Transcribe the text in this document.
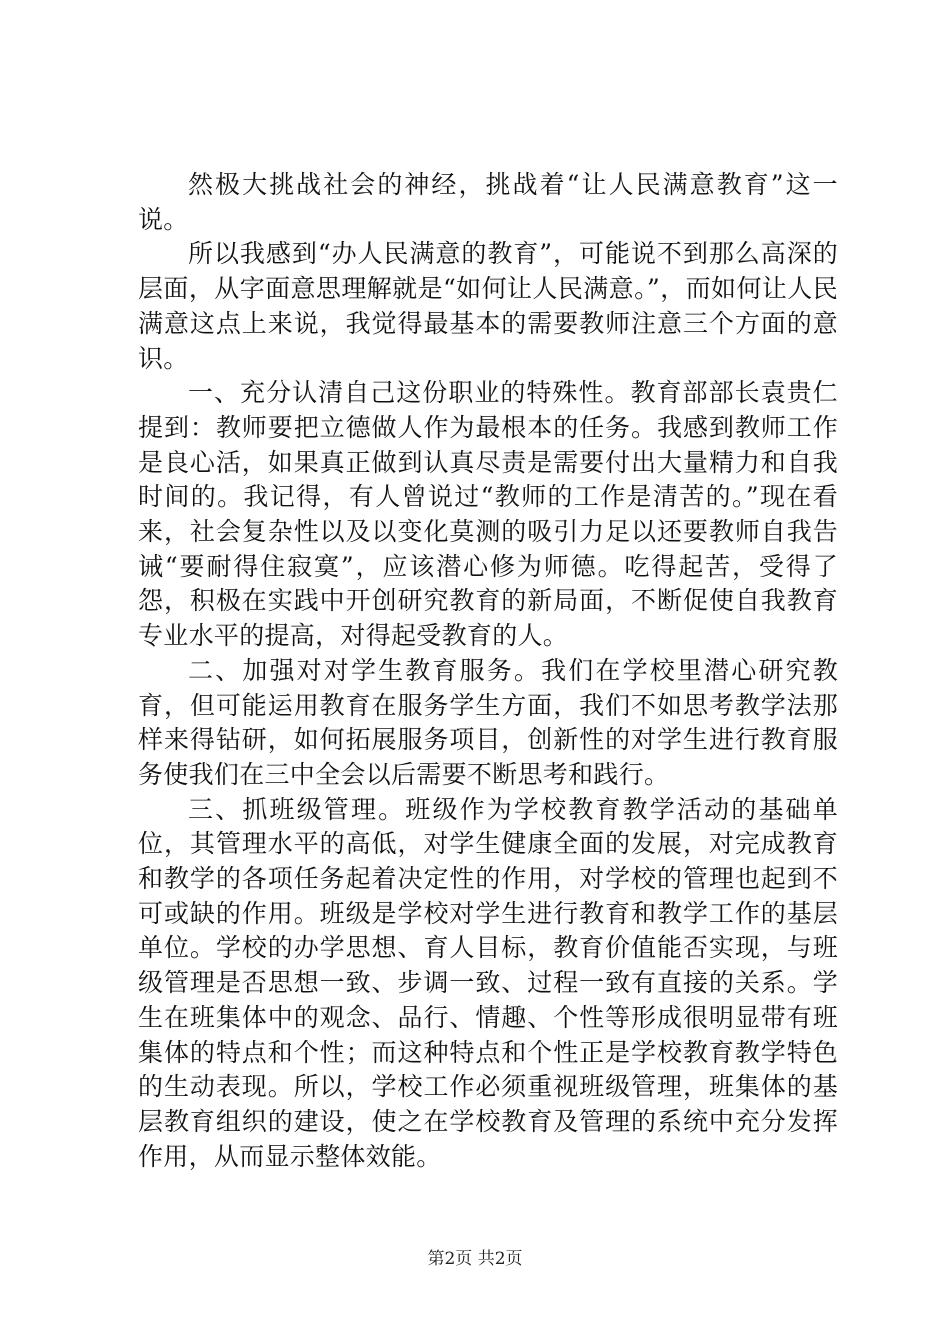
然极大挑战社会的神经，挑战着“让人民满意教育”这一说。

所以我感到“办人民满意的教育”，可能说不到那么高深的层面，从字面意思理解就是“如何让人民满意。”，而如何让人民满意这点上来说，我觉得最基本的需要教师注意三个方面的意识。

一、充分认清自己这份职业的特殊性。教育部部长袁贵仁提到：教师要把立德做人作为最根本的任务。我感到教师工作是良心活，如果真正做到认真尽责是需要付出大量精力和自我时间的。我记得，有人曾说过“教师的工作是清苦的。”现在看来，社会复杂性以及以变化莫测的吸引力足以还要教师自我告诫“要耐得住寂寞”，应该潜心修为师德。吃得起苦，受得了怨，积极在实践中开创研究教育的新局面，不断促使自我教育专业水平的提高，对得起受教育的人。

二、加强对对学生教育服务。我们在学校里潜心研究教育，但可能运用教育在服务学生方面，我们不如思考教学法那样来得钻研，如何拓展服务项目，创新性的对学生进行教育服务使我们在三中全会以后需要不断思考和践行。

三、抓班级管理。班级作为学校教育教学活动的基础单位，其管理水平的高低，对学生健康全面的发展，对完成教育和教学的各项任务起着决定性的作用，对学校的管理也起到不可或缺的作用。班级是学校对学生进行教育和教学工作的基层单位。学校的办学思想、育人目标，教育价值能否实现，与班级管理是否思想一致、步调一致、过程一致有直接的关系。学生在班集体中的观念、品行、情趣、个性等形成很明显带有班集体的特点和个性；而这种特点和个性正是学校教育教学特色的生动表现。所以，学校工作必须重视班级管理，班集体的基层教育组织的建设，使之在学校教育及管理的系统中充分发挥作用，从而显示整体效能。

第2页 共2页
